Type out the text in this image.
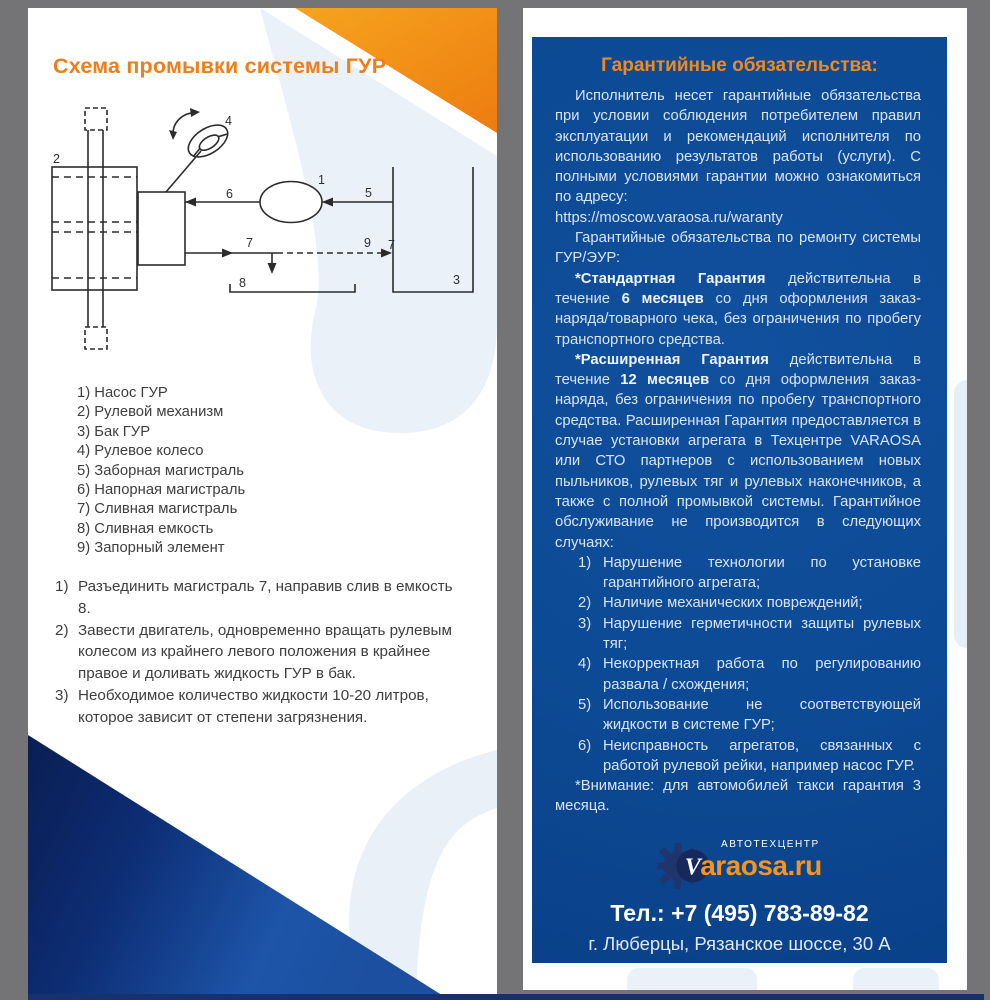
Схема промывки системы ГУР
1
2
3
4
5
6
7	9 7
8
1) Насос ГУР
2) Рулевой механизм
3) Бак ГУР
4) Рулевое колесо
5) Заборная магистраль
6) Напорная магистраль
7) Сливная магистраль
8) Сливная емкость
9) Запорный элемент
1) Разъединить магистраль 7, направив слив в емкость 8.
2) Завести двигатель, одновременно вращать рулевым колесом из крайнего левого положения в крайнее правое и доливать жидкость ГУР в бак.
3) Необходимое количество жидкости 10-20 литров, которое зависит от степени загрязнения.
Гарантийные обязательства:

Исполнитель несет гарантийные обязательства при условии соблюдения потребителем правил эксплуатации и рекомендаций исполнителя по использованию результатов работы (услуги). С полными условиями гарантии можно ознакомиться по адресу:

https://moscow.varaosa.ru/waranty

Гарантийные обязательства по ремонту системы ГУР/ЭУР:

*Стандартная Гарантия действительна в течение 6 месяцев со дня оформления заказ-наряда/товарного чека, без ограничения по пробегу транспортного средства.

*Расширенная Гарантия действительна в течение 12 месяцев со дня оформления заказ-наряда, без ограничения по пробегу транспортного средства. Расширенная Гарантия предоставляется в случае установки агрегата в Техцентре VARAOSA или СТО партнеров с использованием новых пыльников, рулевых тяг и рулевых наконечников, а также с полной промывкой системы. Гарантийное обслуживание не производится в следующих случаях:

1) Нарушение технологии по установке гарантийного агрегата;
2) Наличие механических повреждений;
3) Нарушение герметичности защиты рулевых тяг;
4) Некорректная работа по регулированию развала / схождения;
5) Использование не соответствующей жидкости в системе ГУР;
6) Неисправность агрегатов, связанных с работой рулевой рейки, например насос ГУР.

*Внимание: для автомобилей такси гарантия 3 месяца.

V
АВТОТЕХЦЕНТР
araosa.ru
Тел.: +7 (495) 783-89-82
г. Люберцы, Рязанское шоссе, 30 А
